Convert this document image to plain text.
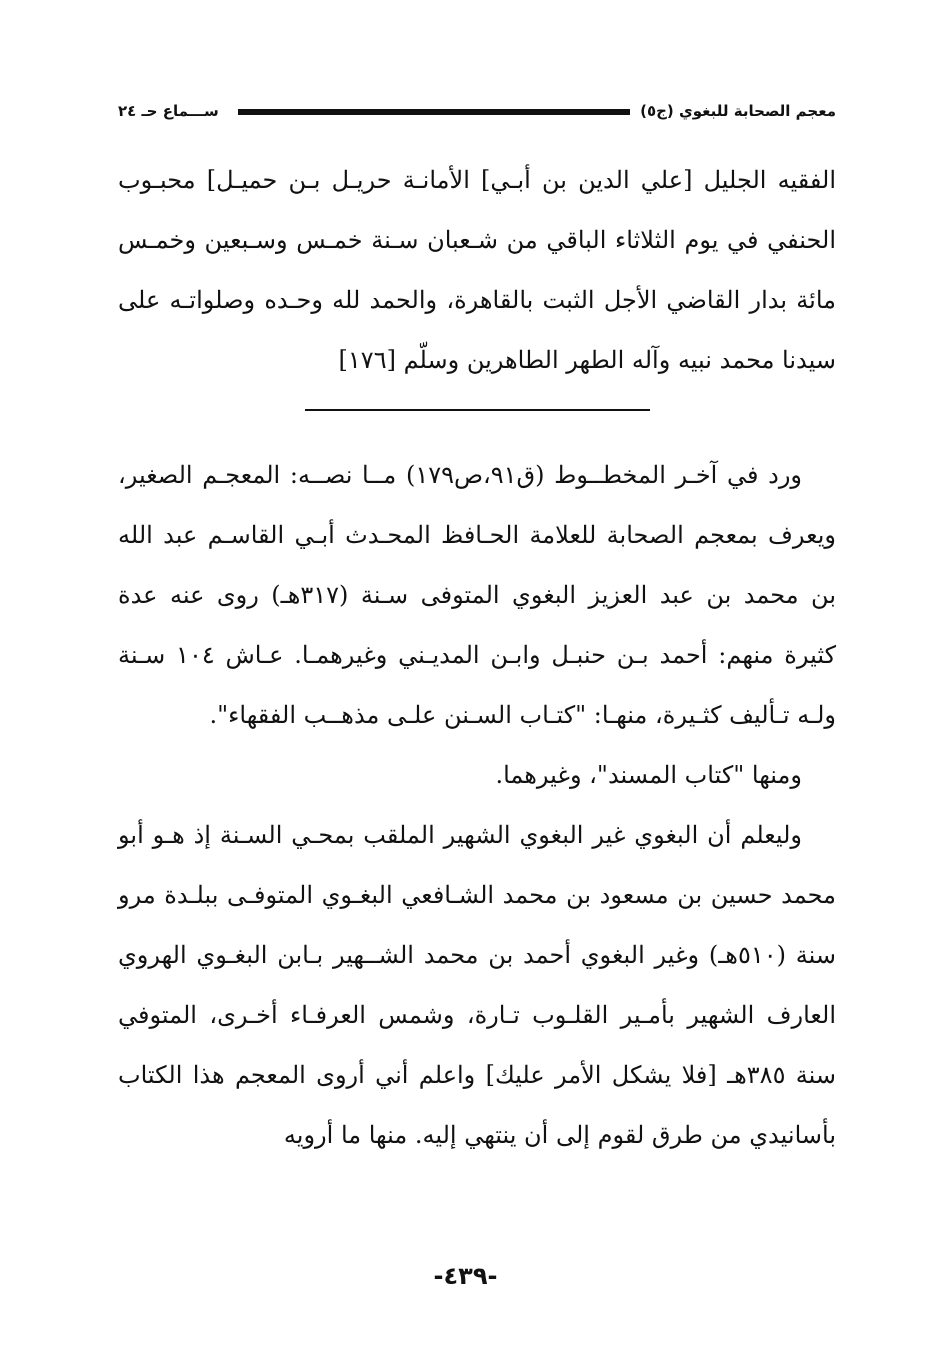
معجم الصحابة للبغوي (ج٥)
ســـماع حـ ٢٤

الفقيه الجليل [علي الدين بن أبـي] الأمانـة حريـل بـن حميـل] محبـوب الحنفي في يوم الثلاثاء الباقي من شـعبان سـنة خمـس وسـبعين وخمـس مائة بدار القاضي الأجل الثبت بالقاهرة، والحمد لله وحـده وصلواتـه على سيدنا محمد نبيه وآله الطهر الطاهرين وسلّم [١٧٦]

ورد في آخـر المخطــوط (ق٩١،ص١٧٩) مــا نصــه: المعجـم الصغير، ويعرف بمعجم الصحابة للعلامة الحـافظ المحـدث أبـي القاسـم عبد الله بن محمد بن عبد العزيز البغوي المتوفى سـنة (٣١٧هـ) روى عنه عدة كثيرة منهم: أحمد بـن حنبـل وابـن المديـني وغيرهمـا. عـاش ١٠٤ سـنة ولـه تـأليف كثـيرة، منهـا: "كتـاب السـنن علـى مذهــب الفقهاء".

ومنها "كتاب المسند"، وغيرهما.

وليعلم أن البغوي غير البغوي الشهير الملقب بمحـي السـنة إذ هـو أبو محمد حسين بن مسعود بن محمد الشـافعي البغـوي المتوفـى ببلـدة مرو سنة (٥١٠هـ) وغير البغوي أحمد بن محمد الشــهير بـابن البغـوي الهروي العارف الشهير بأمـير القلـوب تـارة، وشمس العرفـاء أخـرى، المتوفي سنة ٣٨٥هـ [فلا يشكل الأمر عليك] واعلم أني أروى المعجم هذا الكتاب بأسانيدي من طرق لقوم إلى أن ينتهي إليه. منها ما أرويه

-٤٣٩-
